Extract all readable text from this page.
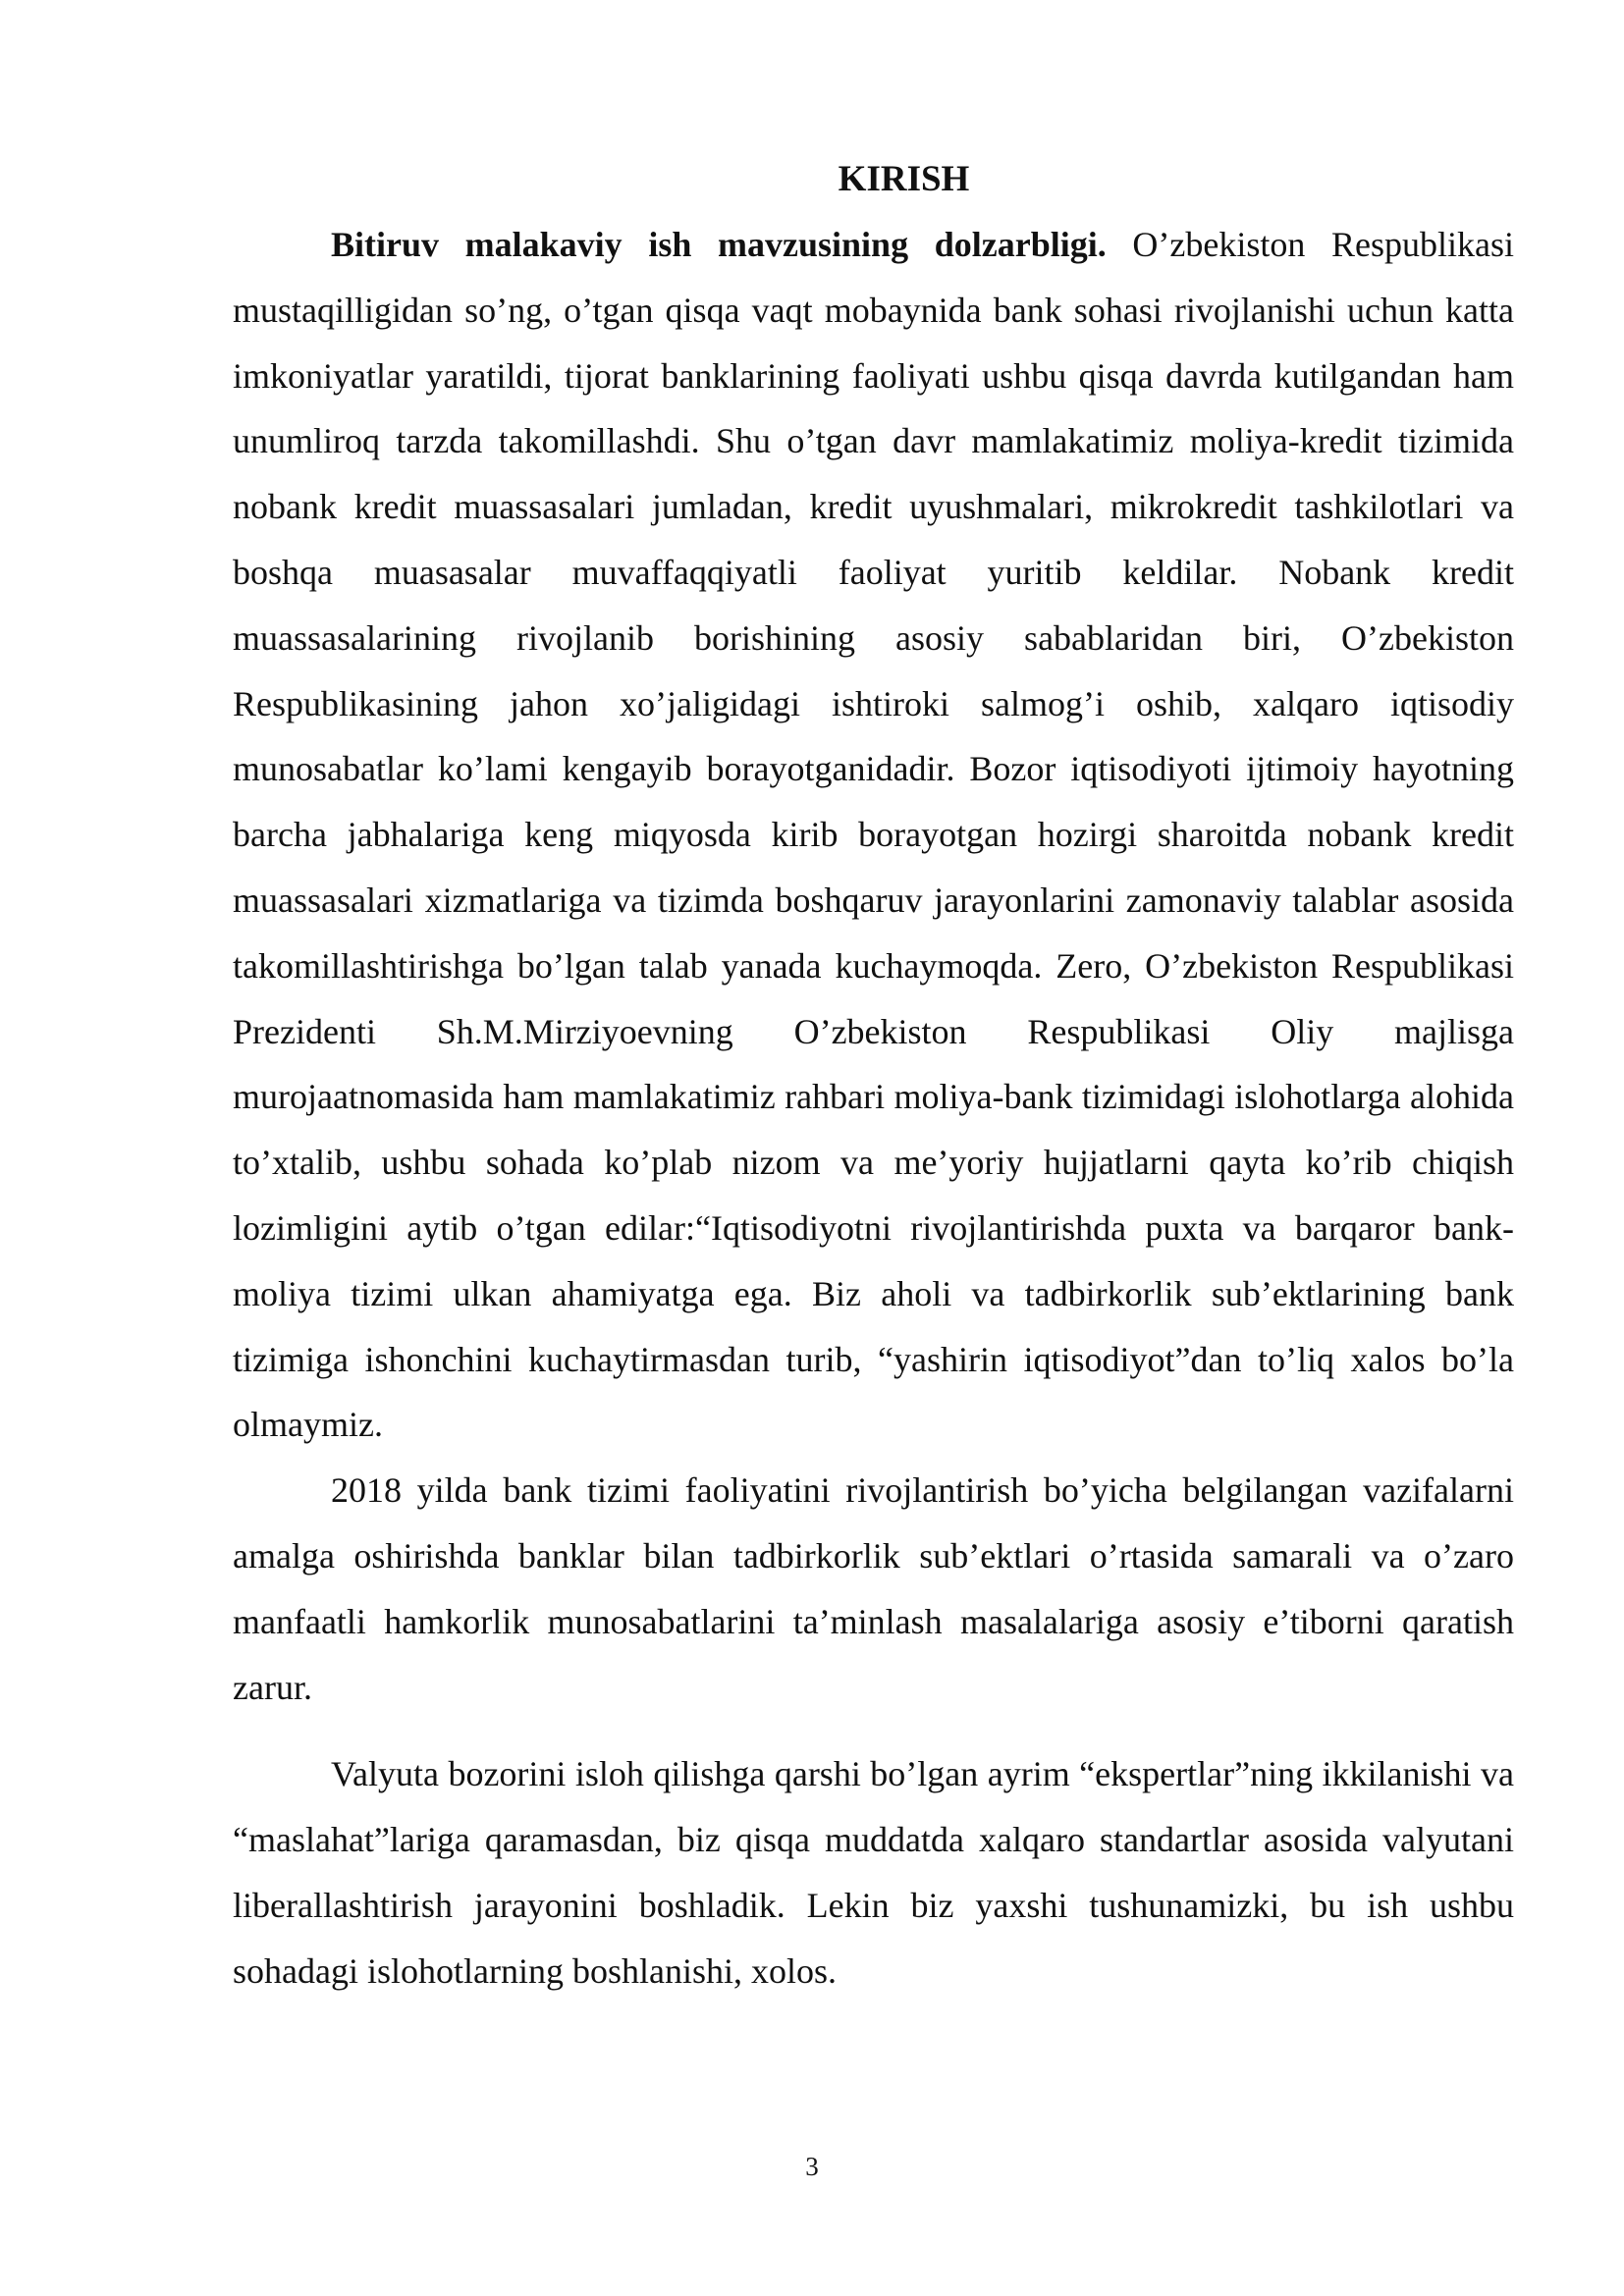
KIRISH

Bitiruv malakaviy ish mavzusining dolzarbligi. O’zbekiston Respublikasi mustaqilligidan so’ng, o’tgan qisqa vaqt mobaynida bank sohasi rivojlanishi uchun katta imkoniyatlar yaratildi, tijorat banklarining faoliyati ushbu qisqa davrda kutilgandan ham unumliroq tarzda takomillashdi. Shu o’tgan davr mamlakatimiz moliya-kredit tizimida nobank kredit muassasalari jumladan, kredit uyushmalari, mikrokredit tashkilotlari va boshqa muasasalar muvaffaqqiyatli faoliyat yuritib keldilar. Nobank kredit muassasalarining rivojlanib borishining asosiy sabablaridan biri, O’zbekiston Respublikasining jahon xo’jaligidagi ishtiroki salmog’i oshib, xalqaro iqtisodiy munosabatlar ko’lami kengayib borayotganidadir. Bozor iqtisodiyoti ijtimoiy hayotning barcha jabhalariga keng miqyosda kirib borayotgan hozirgi sharoitda nobank kredit muassasalari xizmatlariga va tizimda boshqaruv jarayonlarini zamonaviy talablar asosida takomillashtirishga bo’lgan talab yanada kuchaymoqda. Zero, O’zbekiston Respublikasi Prezidenti Sh.M.Mirziyoevning O’zbekiston Respublikasi Oliy majlisga murojaatnomasida ham mamlakatimiz rahbari moliya-bank tizimidagi islohotlarga alohida to’xtalib, ushbu sohada ko’plab nizom va me’yoriy hujjatlarni qayta ko’rib chiqish lozimligini aytib o’tgan edilar:“Iqtisodiyotni rivojlantirishda puxta va barqaror bank-moliya tizimi ulkan ahamiyatga ega. Biz aholi va tadbirkorlik sub’ektlarining bank tizimiga ishonchini kuchaytirmasdan turib, “yashirin iqtisodiyot”dan to’liq xalos bo’la olmaymiz.

2018 yilda bank tizimi faoliyatini rivojlantirish bo’yicha belgilangan vazifalarni amalga oshirishda banklar bilan tadbirkorlik sub’ektlari o’rtasida samarali va o’zaro manfaatli hamkorlik munosabatlarini ta’minlash masalalariga asosiy e’tiborni qaratish zarur.

Valyuta bozorini isloh qilishga qarshi bo’lgan ayrim “ekspertlar”ning ikkilanishi va “maslahat”lariga qaramasdan, biz qisqa muddatda xalqaro standartlar asosida valyutani liberallashtirish jarayonini boshladik. Lekin biz yaxshi tushunamizki, bu ish ushbu sohadagi islohotlarning boshlanishi, xolos.

3
